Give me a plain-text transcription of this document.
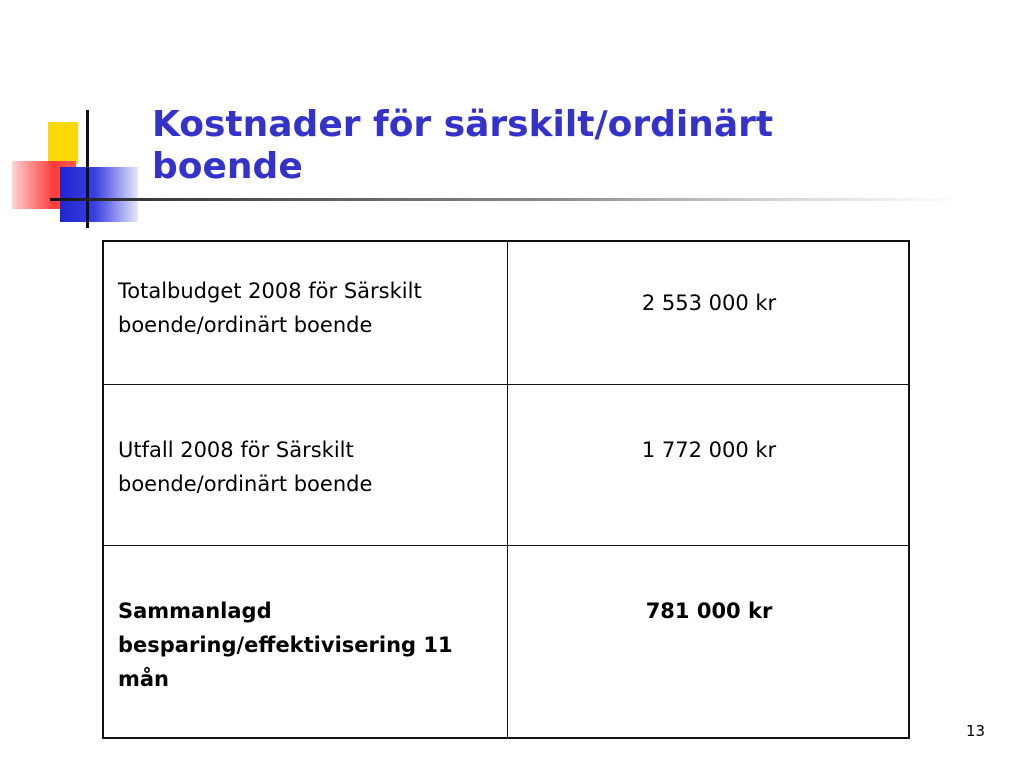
Kostnader för särskilt/ordinärt boende
Totalbudget 2008 för Särskilt boende/ordinärt boende
2 553 000 kr
Utfall 2008 för Särskilt boende/ordinärt boende
1 772 000 kr
Sammanlagd besparing/effektivisering 11 mån
781 000 kr
13
